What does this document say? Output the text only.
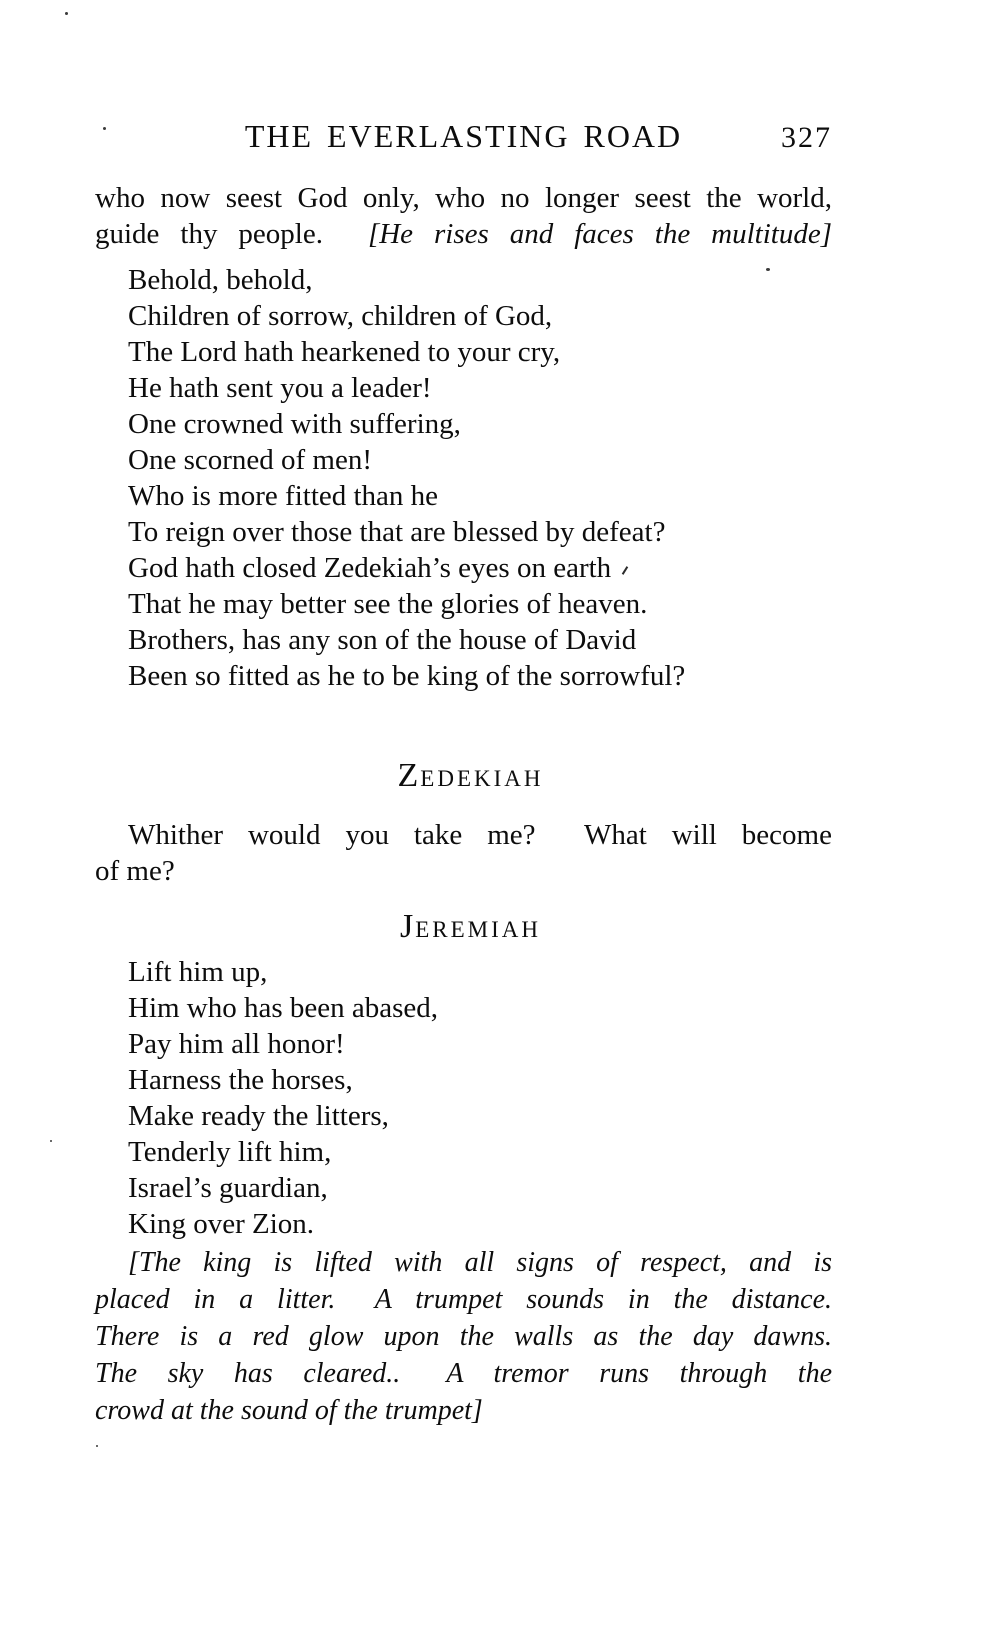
THE EVERLASTING ROAD	327
who now seest God only, who no longer seest the world,
guide thy people. [He rises and faces the multitude]
Behold, behold,
Children of sorrow, children of God,
The Lord hath hearkened to your cry,
He hath sent you a leader!
One crowned with suffering,
One scorned of men!
Who is more fitted than he
To reign over those that are blessed by defeat?
God hath closed Zedekiah’s eyes on earth
That he may better see the glories of heaven.
Brothers, has any son of the house of David
Been so fitted as he to be king of the sorrowful?
ZEDEKIAH
Whither would you take me? What will become
of me?
JEREMIAH
Lift him up,
Him who has been abased,
Pay him all honor!
Harness the horses,
Make ready the litters,
Tenderly lift him,
Israel’s guardian,
King over Zion.
[The king is lifted with all signs of respect, and is
placed in a litter. A trumpet sounds in the distance.
There is a red glow upon the walls as the day dawns.
The sky has cleared.. A tremor runs through the
crowd at the sound of the trumpet]
